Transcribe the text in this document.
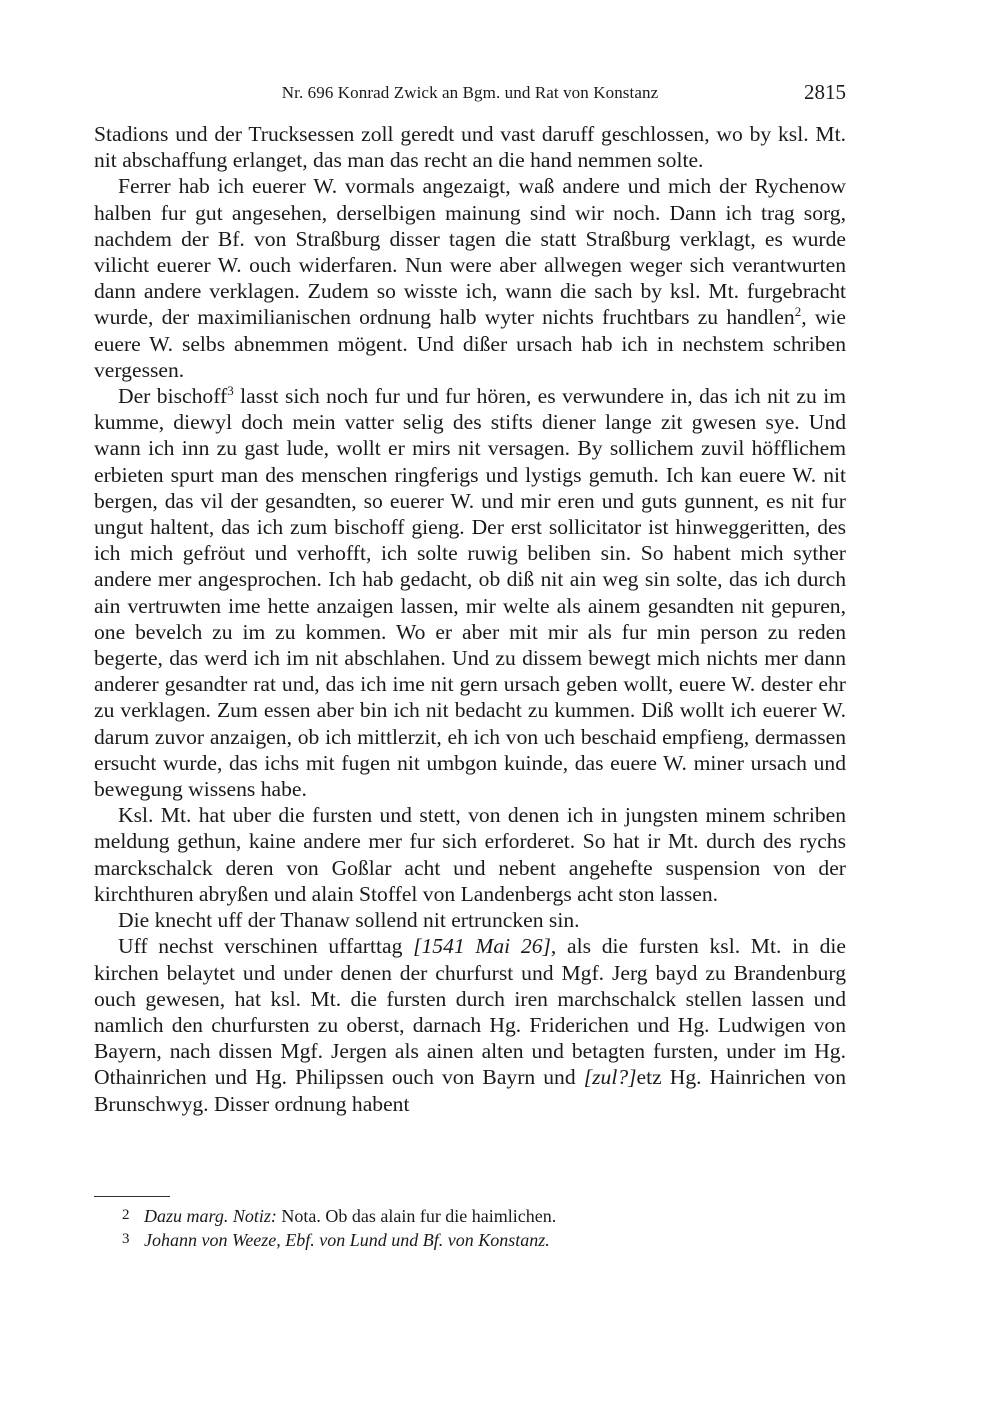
Nr. 696 Konrad Zwick an Bgm. und Rat von Konstanz	2815

Stadions und der Trucksessen zoll geredt und vast daruff geschlossen, wo by ksl. Mt. nit abschaffung erlanget, das man das recht an die hand nemmen solte.

Ferrer hab ich euerer W. vormals angezaigt, waß andere und mich der Rychenow halben fur gut angesehen, derselbigen mainung sind wir noch. Dann ich trag sorg, nachdem der Bf. von Straßburg disser tagen die statt Straßburg verklagt, es wurde vilicht euerer W. ouch widerfaren. Nun were aber allwegen weger sich verantwurten dann andere verklagen. Zudem so wisste ich, wann die sach by ksl. Mt. furgebracht wurde, der maximilianischen ordnung halb wyter nichts fruchtbars zu handlen$^2$, wie euere W. selbs abnemmen mögent. Und dißer ursach hab ich in nechstem schriben vergessen.

Der bischoff$^3$ lasst sich noch fur und fur hören, es verwundere in, das ich nit zu im kumme, diewyl doch mein vatter selig des stifts diener lange zit gwesen sye. Und wann ich inn zu gast lude, wollt er mirs nit versagen. By sollichem zuvil höfflichem erbieten spurt man des menschen ringferigs und lystigs gemuth. Ich kan euere W. nit bergen, das vil der gesandten, so euerer W. und mir eren und guts gunnent, es nit fur ungut haltent, das ich zum bischoff gieng. Der erst sollicitator ist hinweggeritten, des ich mich gefröut und verhofft, ich solte ruwig beliben sin. So habent mich syther andere mer angesprochen. Ich hab gedacht, ob diß nit ain weg sin solte, das ich durch ain vertruwten ime hette anzaigen lassen, mir welte als ainem gesandten nit gepuren, one bevelch zu im zu kommen. Wo er aber mit mir als fur min person zu reden begerte, das werd ich im nit abschlahen. Und zu dissem bewegt mich nichts mer dann anderer gesandter rat und, das ich ime nit gern ursach geben wollt, euere W. dester ehr zu verklagen. Zum essen aber bin ich nit bedacht zu kummen. Diß wollt ich euerer W. darum zuvor anzaigen, ob ich mittlerzit, eh ich von uch beschaid empfieng, dermassen ersucht wurde, das ichs mit fugen nit umbgon kuinde, das euere W. miner ursach und bewegung wissens habe.

Ksl. Mt. hat uber die fursten und stett, von denen ich in jungsten minem schriben meldung gethun, kaine andere mer fur sich erforderet. So hat ir Mt. durch des rychs marckschalck deren von Goßlar acht und nebent angehefte suspension von der kirchthuren abryßen und alain Stoffel von Landenbergs acht ston lassen.

Die knecht uff der Thanaw sollend nit ertruncken sin.

Uff nechst verschinen uffarttag [1541 Mai 26], als die fursten ksl. Mt. in die kirchen belaytet und under denen der churfurst und Mgf. Jerg bayd zu Brandenburg ouch gewesen, hat ksl. Mt. die fursten durch iren marchschalck stellen lassen und namlich den churfursten zu oberst, darnach Hg. Friderichen und Hg. Ludwigen von Bayern, nach dissen Mgf. Jergen als ainen alten und betagten fursten, under im Hg. Othainrichen und Hg. Philipssen ouch von Bayrn und [zul?]etz Hg. Hainrichen von Brunschwyg. Disser ordnung habent

2 Dazu marg. Notiz: Nota. Ob das alain fur die haimlichen.

3 Johann von Weeze, Ebf. von Lund und Bf. von Konstanz.
